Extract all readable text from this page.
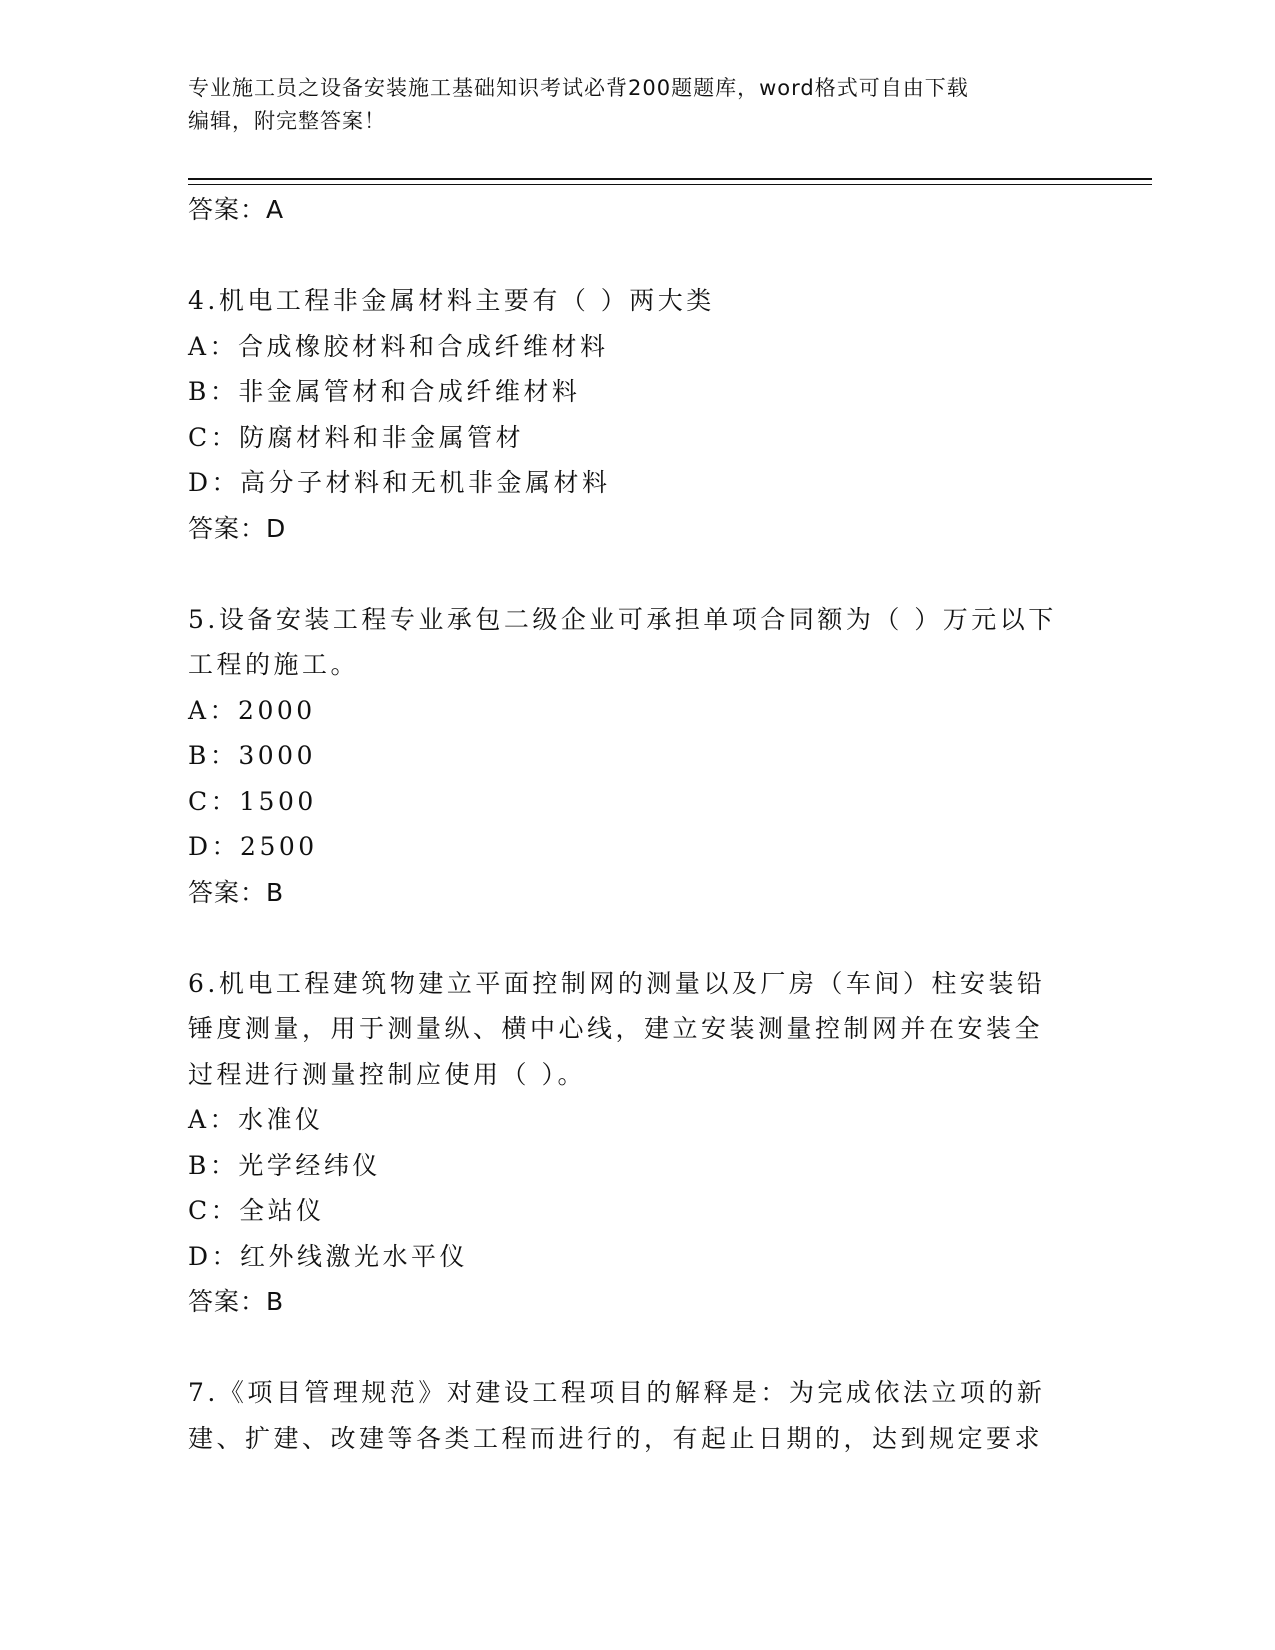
专业施工员之设备安装施工基础知识考试必背200题题库，word格式可自由下载
编辑，附完整答案！
答案：A
4.机电工程非金属材料主要有（ ）两大类
A：合成橡胶材料和合成纤维材料
B：非金属管材和合成纤维材料
C：防腐材料和非金属管材
D：高分子材料和无机非金属材料
答案：D
5.设备安装工程专业承包二级企业可承担单项合同额为（ ）万元以下
工程的施工。
A：2000
B：3000
C：1500
D：2500
答案：B
6.机电工程建筑物建立平面控制网的测量以及厂房（车间）柱安装铅
锤度测量，用于测量纵、横中心线，建立安装测量控制网并在安装全
过程进行测量控制应使用（ ）。
A：水准仪
B：光学经纬仪
C：全站仪
D：红外线激光水平仪
答案：B
7.《项目管理规范》对建设工程项目的解释是：为完成依法立项的新
建、扩建、改建等各类工程而进行的，有起止日期的，达到规定要求
